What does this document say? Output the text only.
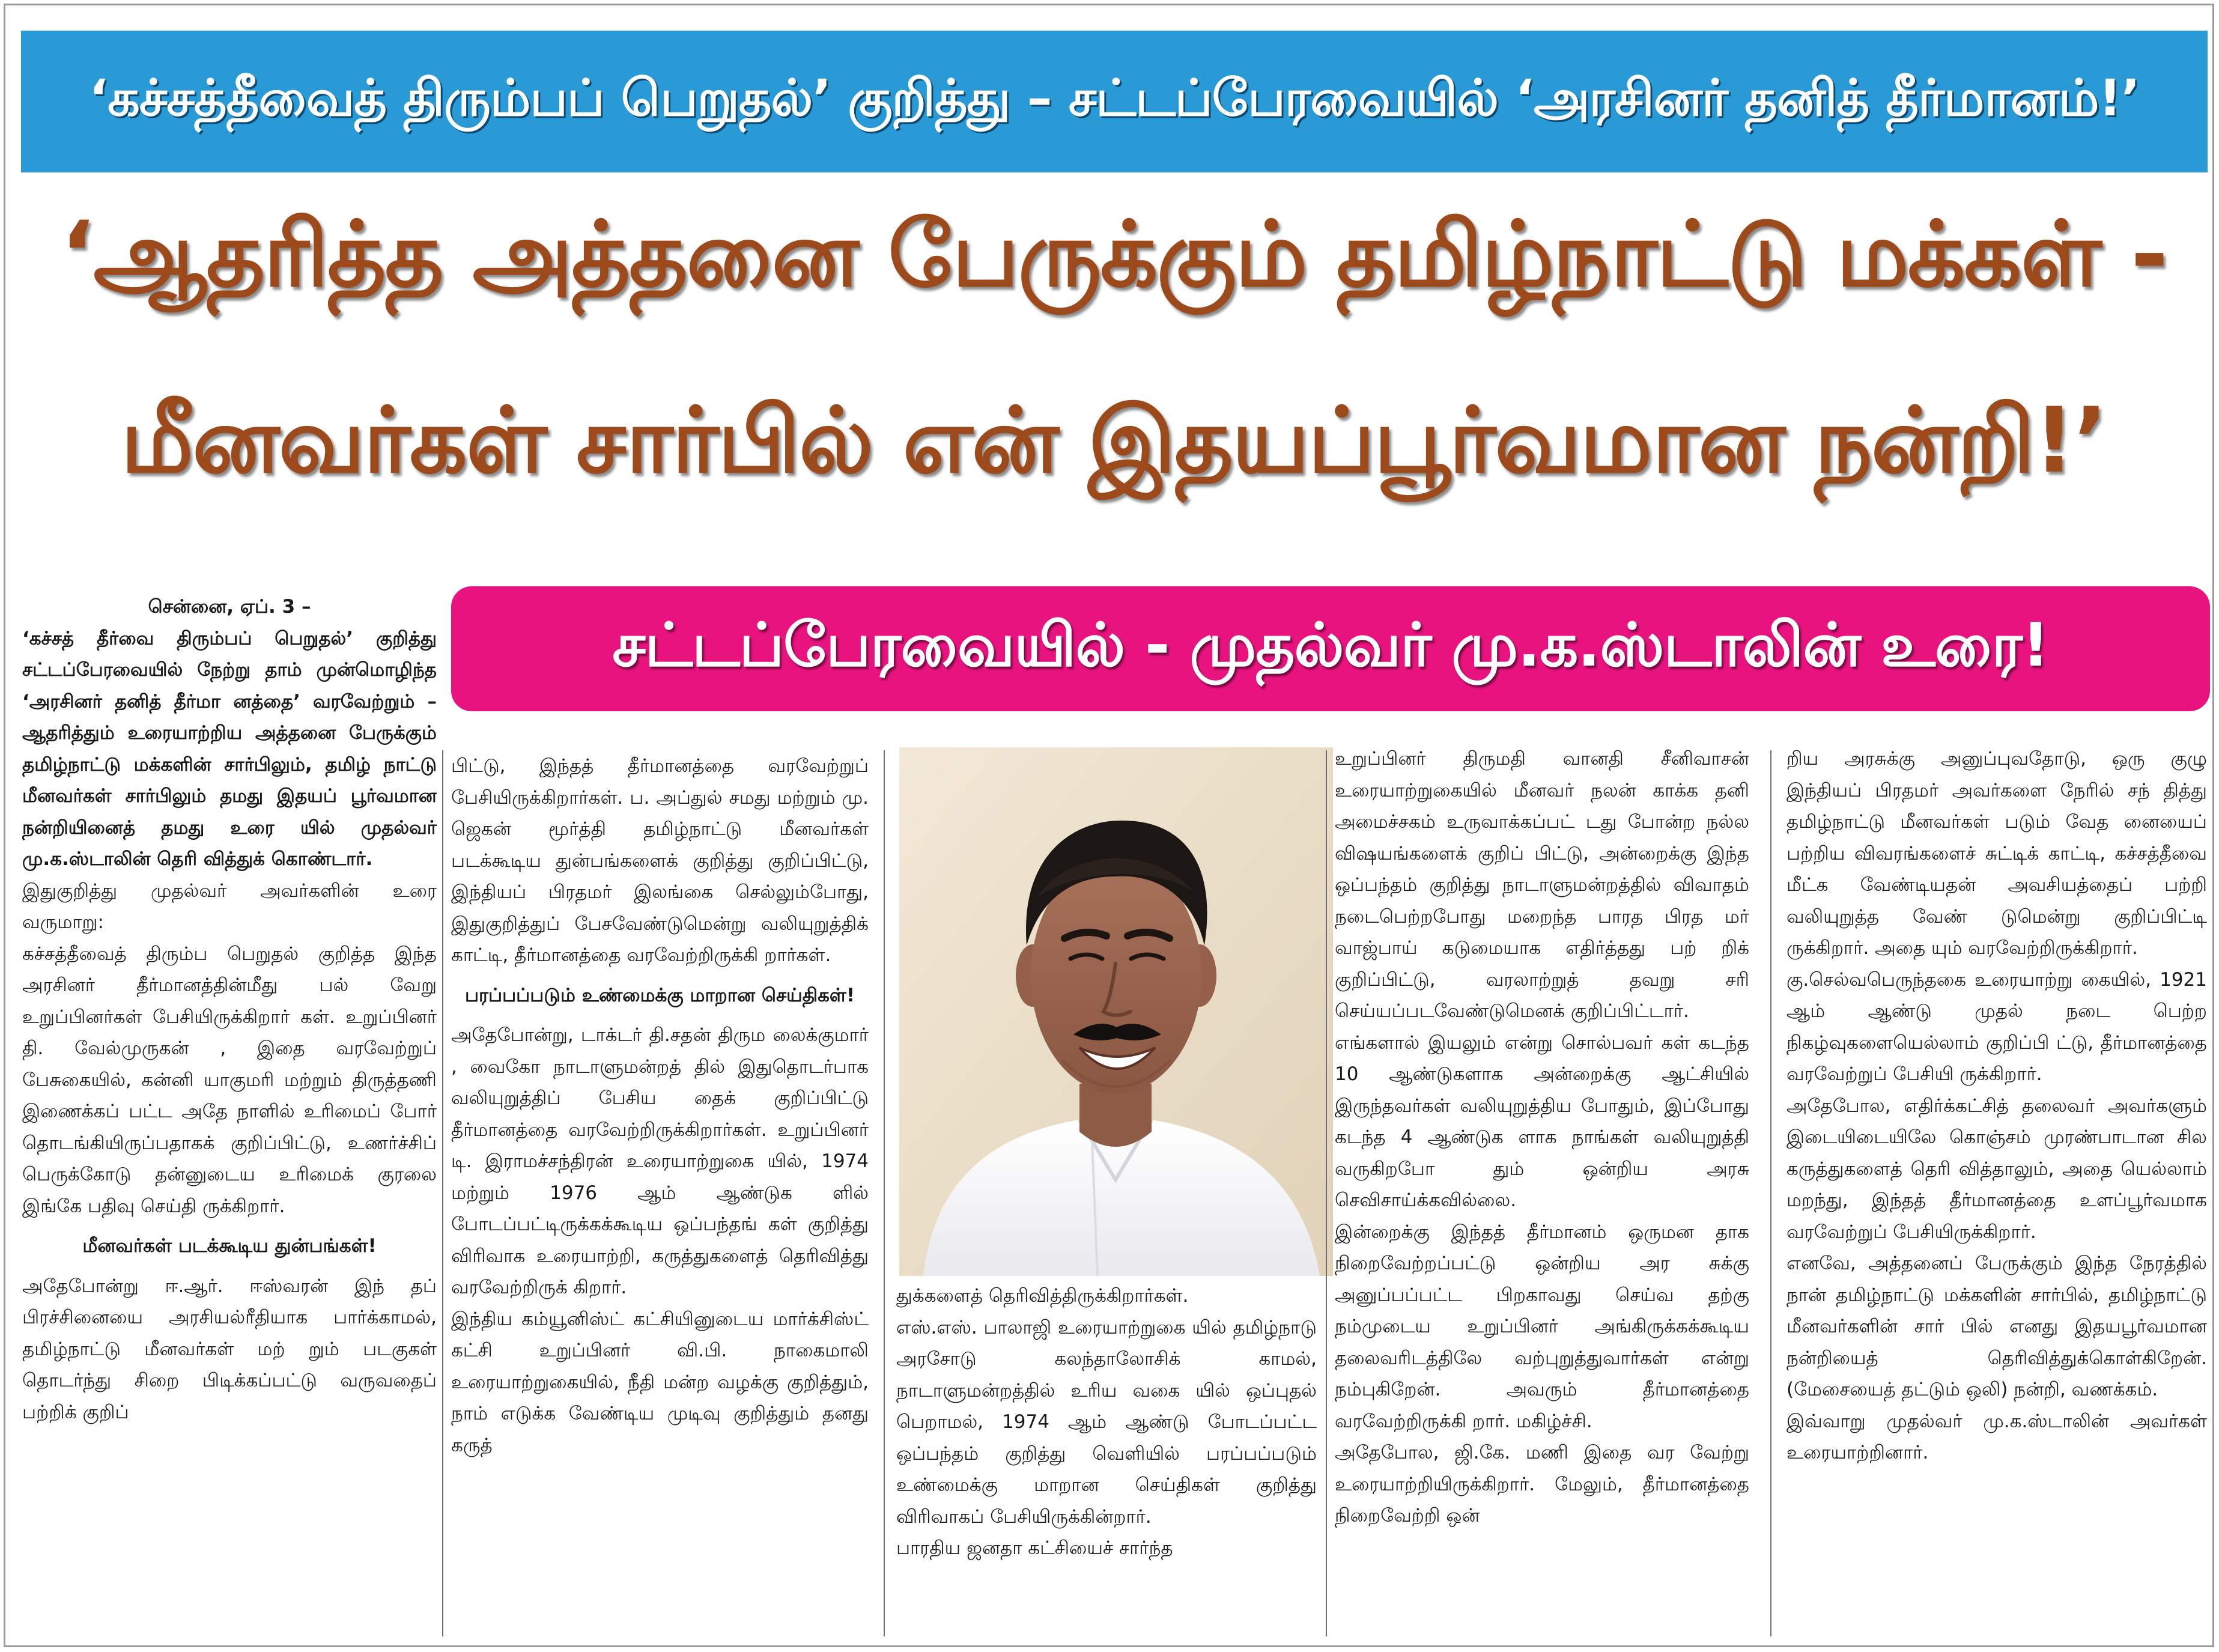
‘கச்சத்தீவைத் திரும்பப் பெறுதல்’ குறித்து – சட்டப்பேரவையில் ‘அரசினர் தனித் தீர்மானம்!’
‘ஆதரித்த அத்தனை பேருக்கும் தமிழ்நாட்டு மக்கள் -
மீனவர்கள் சார்பில் என் இதயப்பூர்வமான நன்றி!’
சட்டப்பேரவையில் - முதல்வர் மு.க.ஸ்டாலின் உரை!

சென்னை, ஏப். 3 –

‘கச்சத் தீர்வை திரும்பப் பெறுதல்’ குறித்து சட்டப்பேரவையில் நேற்று தாம் முன்மொழிந்த ‘அரசினர் தனித் தீர்மா னத்தை’ வரவேற்றும் – ஆதரித்தும் உரையாற்றிய அத்தனை பேருக்கும் தமிழ்நாட்டு மக்களின் சார்பிலும், தமிழ் நாட்டு மீனவர்கள் சார்பிலும் தமது இதயப் பூர்வமான நன்றியினைத் தமது உரை யில் முதல்வர் மு.க.ஸ்டாலின் தெரி வித்துக் கொண்டார்.

இதுகுறித்து முதல்வர் அவர்களின் உரை வருமாறு:

கச்சத்தீவைத் திரும்ப பெறுதல் குறித்த இந்த அரசினர் தீர்மானத்தின்மீது பல் வேறு உறுப்பினர்கள் பேசியிருக்கிறார் கள். உறுப்பினர் தி. வேல்முருகன் , இதை வரவேற்றுப் பேசுகையில், கன்னி யாகுமரி மற்றும் திருத்தணி இணைக்கப் பட்ட அதே நாளில் உரிமைப் போர் தொடங்கியிருப்பதாகக் குறிப்பிட்டு, உணர்ச்சிப் பெருக்கோடு தன்னுடைய உரிமைக் குரலை இங்கே பதிவு செய்தி ருக்கிறார்.

மீனவர்கள் படக்கூடிய துன்பங்கள்!

அதேபோன்று ஈ.ஆர். ஈஸ்வரன் இந் தப் பிரச்சினையை அரசியல்ரீதியாக பார்க்காமல், தமிழ்நாட்டு மீனவர்கள் மற் றும் படகுகள் தொடர்ந்து சிறை பிடிக்கப்பட்டு வருவதைப் பற்றிக் குறிப்

பிட்டு, இந்தத் தீர்மானத்தை வரவேற்றுப் பேசியிருக்கிறார்கள். ப. அப்துல் சமது மற்றும் மு. ஜெகன் மூர்த்தி தமிழ்நாட்டு மீனவர்கள் படக்கூடிய துன்பங்களைக் குறித்து குறிப்பிட்டு, இந்தியப் பிரதமர் இலங்கை செல்லும்போது, இதுகுறித்துப் பேசவேண்டுமென்று வலியுறுத்திக் காட்டி, தீர்மானத்தை வரவேற்றிருக்கி றார்கள்.

பரப்பப்படும் உண்மைக்கு மாறான செய்திகள்!

அதேபோன்று, டாக்டர் தி.சதன் திரும லைக்குமார் , வைகோ நாடாளுமன்றத் தில் இதுதொடர்பாக வலியுறுத்திப் பேசிய தைக் குறிப்பிட்டு தீர்மானத்தை வரவேற்றிருக்கிறார்கள். உறுப்பினர் டி. இராமச்சந்திரன் உரையாற்றுகை யில், 1974 மற்றும் 1976 ஆம் ஆண்டுக ளில் போடப்பட்டிருக்கக்கூடிய ஒப்பந்தங் கள் குறித்து விரிவாக உரையாற்றி, கருத்துகளைத் தெரிவித்து வரவேற்றிருக் கிறார்.

இந்திய கம்யூனிஸ்ட் கட்சியினுடைய மார்க்சிஸ்ட் கட்சி உறுப்பினர் வி.பி. நாகைமாலி உரையாற்றுகையில், நீதி மன்ற வழக்கு குறித்தும், நாம் எடுக்க வேண்டிய முடிவு குறித்தும் தனது கருத்

துக்களைத் தெரிவித்திருக்கிறார்கள்.

எஸ்.எஸ். பாலாஜி உரையாற்றுகை யில் தமிழ்நாடு அரசோடு கலந்தாலோசிக் காமல், நாடாளுமன்றத்தில் உரிய வகை யில் ஒப்புதல் பெறாமல், 1974 ஆம் ஆண்டு போடப்பட்ட ஒப்பந்தம் குறித்து வெளியில் பரப்பப்படும் உண்மைக்கு மாறான செய்திகள் குறித்து விரிவாகப் பேசியிருக்கின்றார்.

பாரதிய ஜனதா கட்சியைச் சார்ந்த

உறுப்பினர் திருமதி வானதி சீனிவாசன் உரையாற்றுகையில் மீனவர் நலன் காக்க தனி அமைச்சகம் உருவாக்கப்பட் டது போன்ற நல்ல விஷயங்களைக் குறிப் பிட்டு, அன்றைக்கு இந்த ஒப்பந்தம் குறித்து நாடாளுமன்றத்தில் விவாதம் நடைபெற்றபோது மறைந்த பாரத பிரத மர் வாஜ்பாய் கடுமையாக எதிர்த்தது பற் றிக் குறிப்பிட்டு, வரலாற்றுத் தவறு சரி செய்யப்படவேண்டுமெனக் குறிப்பிட்டார்.

எங்களால் இயலும் என்று சொல்பவர் கள் கடந்த 10 ஆண்டுகளாக அன்றைக்கு ஆட்சியில் இருந்தவர்கள் வலியுறுத்திய போதும், இப்போது கடந்த 4 ஆண்டுக ளாக நாங்கள் வலியுறுத்தி வருகிறபோ தும் ஒன்றிய அரசு செவிசாய்க்கவில்லை.

இன்றைக்கு இந்தத் தீர்மானம் ஒருமன தாக நிறைவேற்றப்பட்டு ஒன்றிய அர சுக்கு அனுப்பப்பட்ட பிறகாவது செய்வ தற்கு நம்முடைய உறுப்பினர் அங்கிருக்கக்கூடிய தலைவரிடத்திலே வற்புறுத்துவார்கள் என்று நம்புகிறேன். அவரும் தீர்மானத்தை வரவேற்றிருக்கி றார். மகிழ்ச்சி.

அதேபோல, ஜி.கே. மணி இதை வர வேற்று உரையாற்றியிருக்கிறார். மேலும், தீர்மானத்தை நிறைவேற்றி ஒன்

றிய அரசுக்கு அனுப்புவதோடு, ஒரு குழு இந்தியப் பிரதமர் அவர்களை நேரில் சந் தித்து தமிழ்நாட்டு மீனவர்கள் படும் வேத னையைப் பற்றிய விவரங்களைச் சுட்டிக் காட்டி, கச்சத்தீவை மீட்க வேண்டியதன் அவசியத்தைப் பற்றி வலியுறுத்த வேண் டுமென்று குறிப்பிட்டி ருக்கிறார். அதை யும் வரவேற்றிருக்கிறார்.

கு.செல்வபெருந்தகை உரையாற்று கையில், 1921 ஆம் ஆண்டு முதல் நடை பெற்ற நிகழ்வுகளையெல்லாம் குறிப்பி ட்டு, தீர்மானத்தை வரவேற்றுப் பேசியி ருக்கிறார்.

அதேபோல, எதிர்க்கட்சித் தலைவர் அவர்களும் இடையிடையிலே கொஞ்சம் முரண்பாடான சில கருத்துகளைத் தெரி வித்தாலும், அதை யெல்லாம் மறந்து, இந்தத் தீர்மானத்தை உளப்பூர்வமாக வரவேற்றுப் பேசியிருக்கிறார்.

எனவே, அத்தனைப் பேருக்கும் இந்த நேரத்தில் நான் தமிழ்நாட்டு மக்களின் சார்பில், தமிழ்நாட்டு மீனவர்களின் சார் பில் எனது இதயபூர்வமான நன்றியைத் தெரிவித்துக்கொள்கிறேன். (மேசையைத் தட்டும் ஒலி) நன்றி, வணக்கம்.

இவ்வாறு முதல்வர் மு.க.ஸ்டாலின் அவர்கள் உரையாற்றினார்.
